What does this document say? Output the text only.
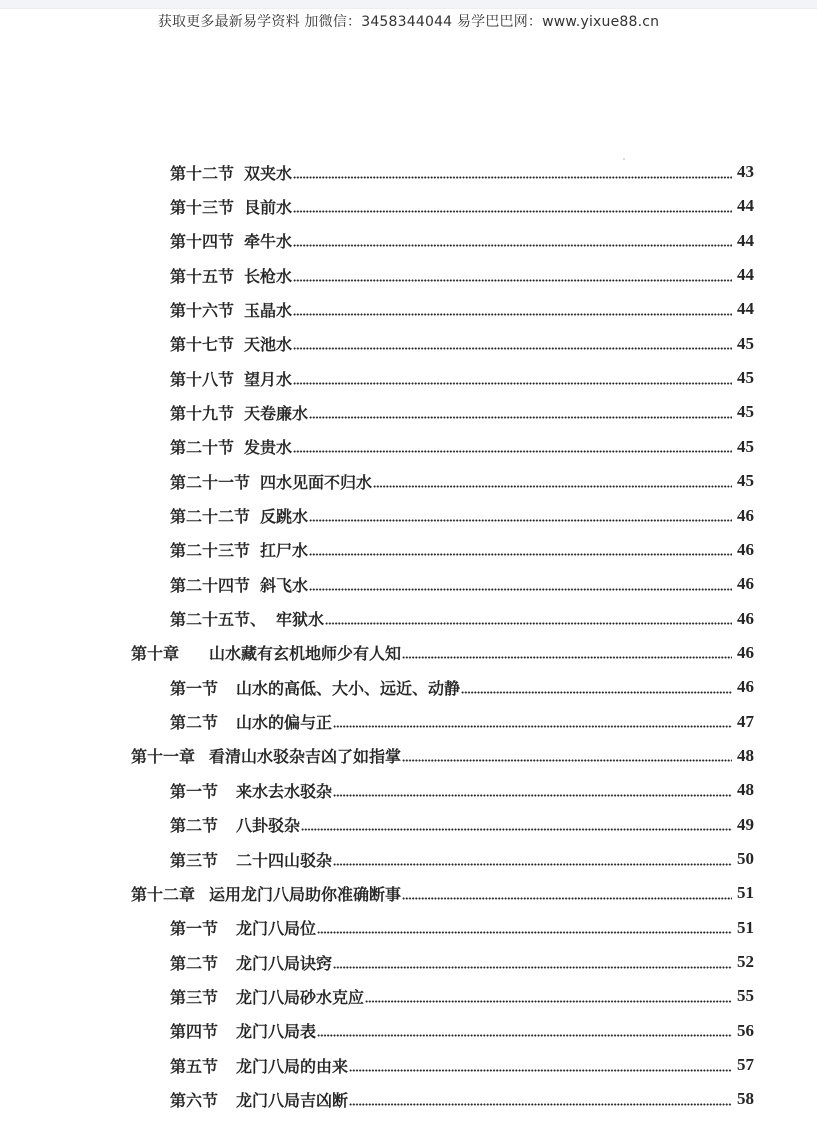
获取更多最新易学资料 加微信：3458344044 易学巴巴网：www.yixue88.cn
第十二节 双夹水	43
第十三节 艮前水	44
第十四节 牵牛水	44
第十五节 长枪水	44
第十六节 玉晶水	44
第十七节 天池水	45
第十八节 望月水	45
第十九节 天卷廉水	45
第二十节 发贵水	45
第二十一节 四水见面不归水	45
第二十二节 反跳水	46
第二十三节 扛尸水	46
第二十四节 斜飞水	46
第二十五节、 牢狱水	46
第十章 山水藏有玄机地师少有人知	46
第一节 山水的高低、大小、远近、动静	46
第二节 山水的偏与正	47
第十一章 看清山水驳杂吉凶了如指掌	48
第一节 来水去水驳杂	48
第二节 八卦驳杂	49
第三节 二十四山驳杂	50
第十二章 运用龙门八局助你准确断事	51
第一节 龙门八局位	51
第二节 龙门八局诀窍	52
第三节 龙门八局砂水克应	55
第四节 龙门八局表	56
第五节 龙门八局的由来	57
第六节 龙门八局吉凶断	58
